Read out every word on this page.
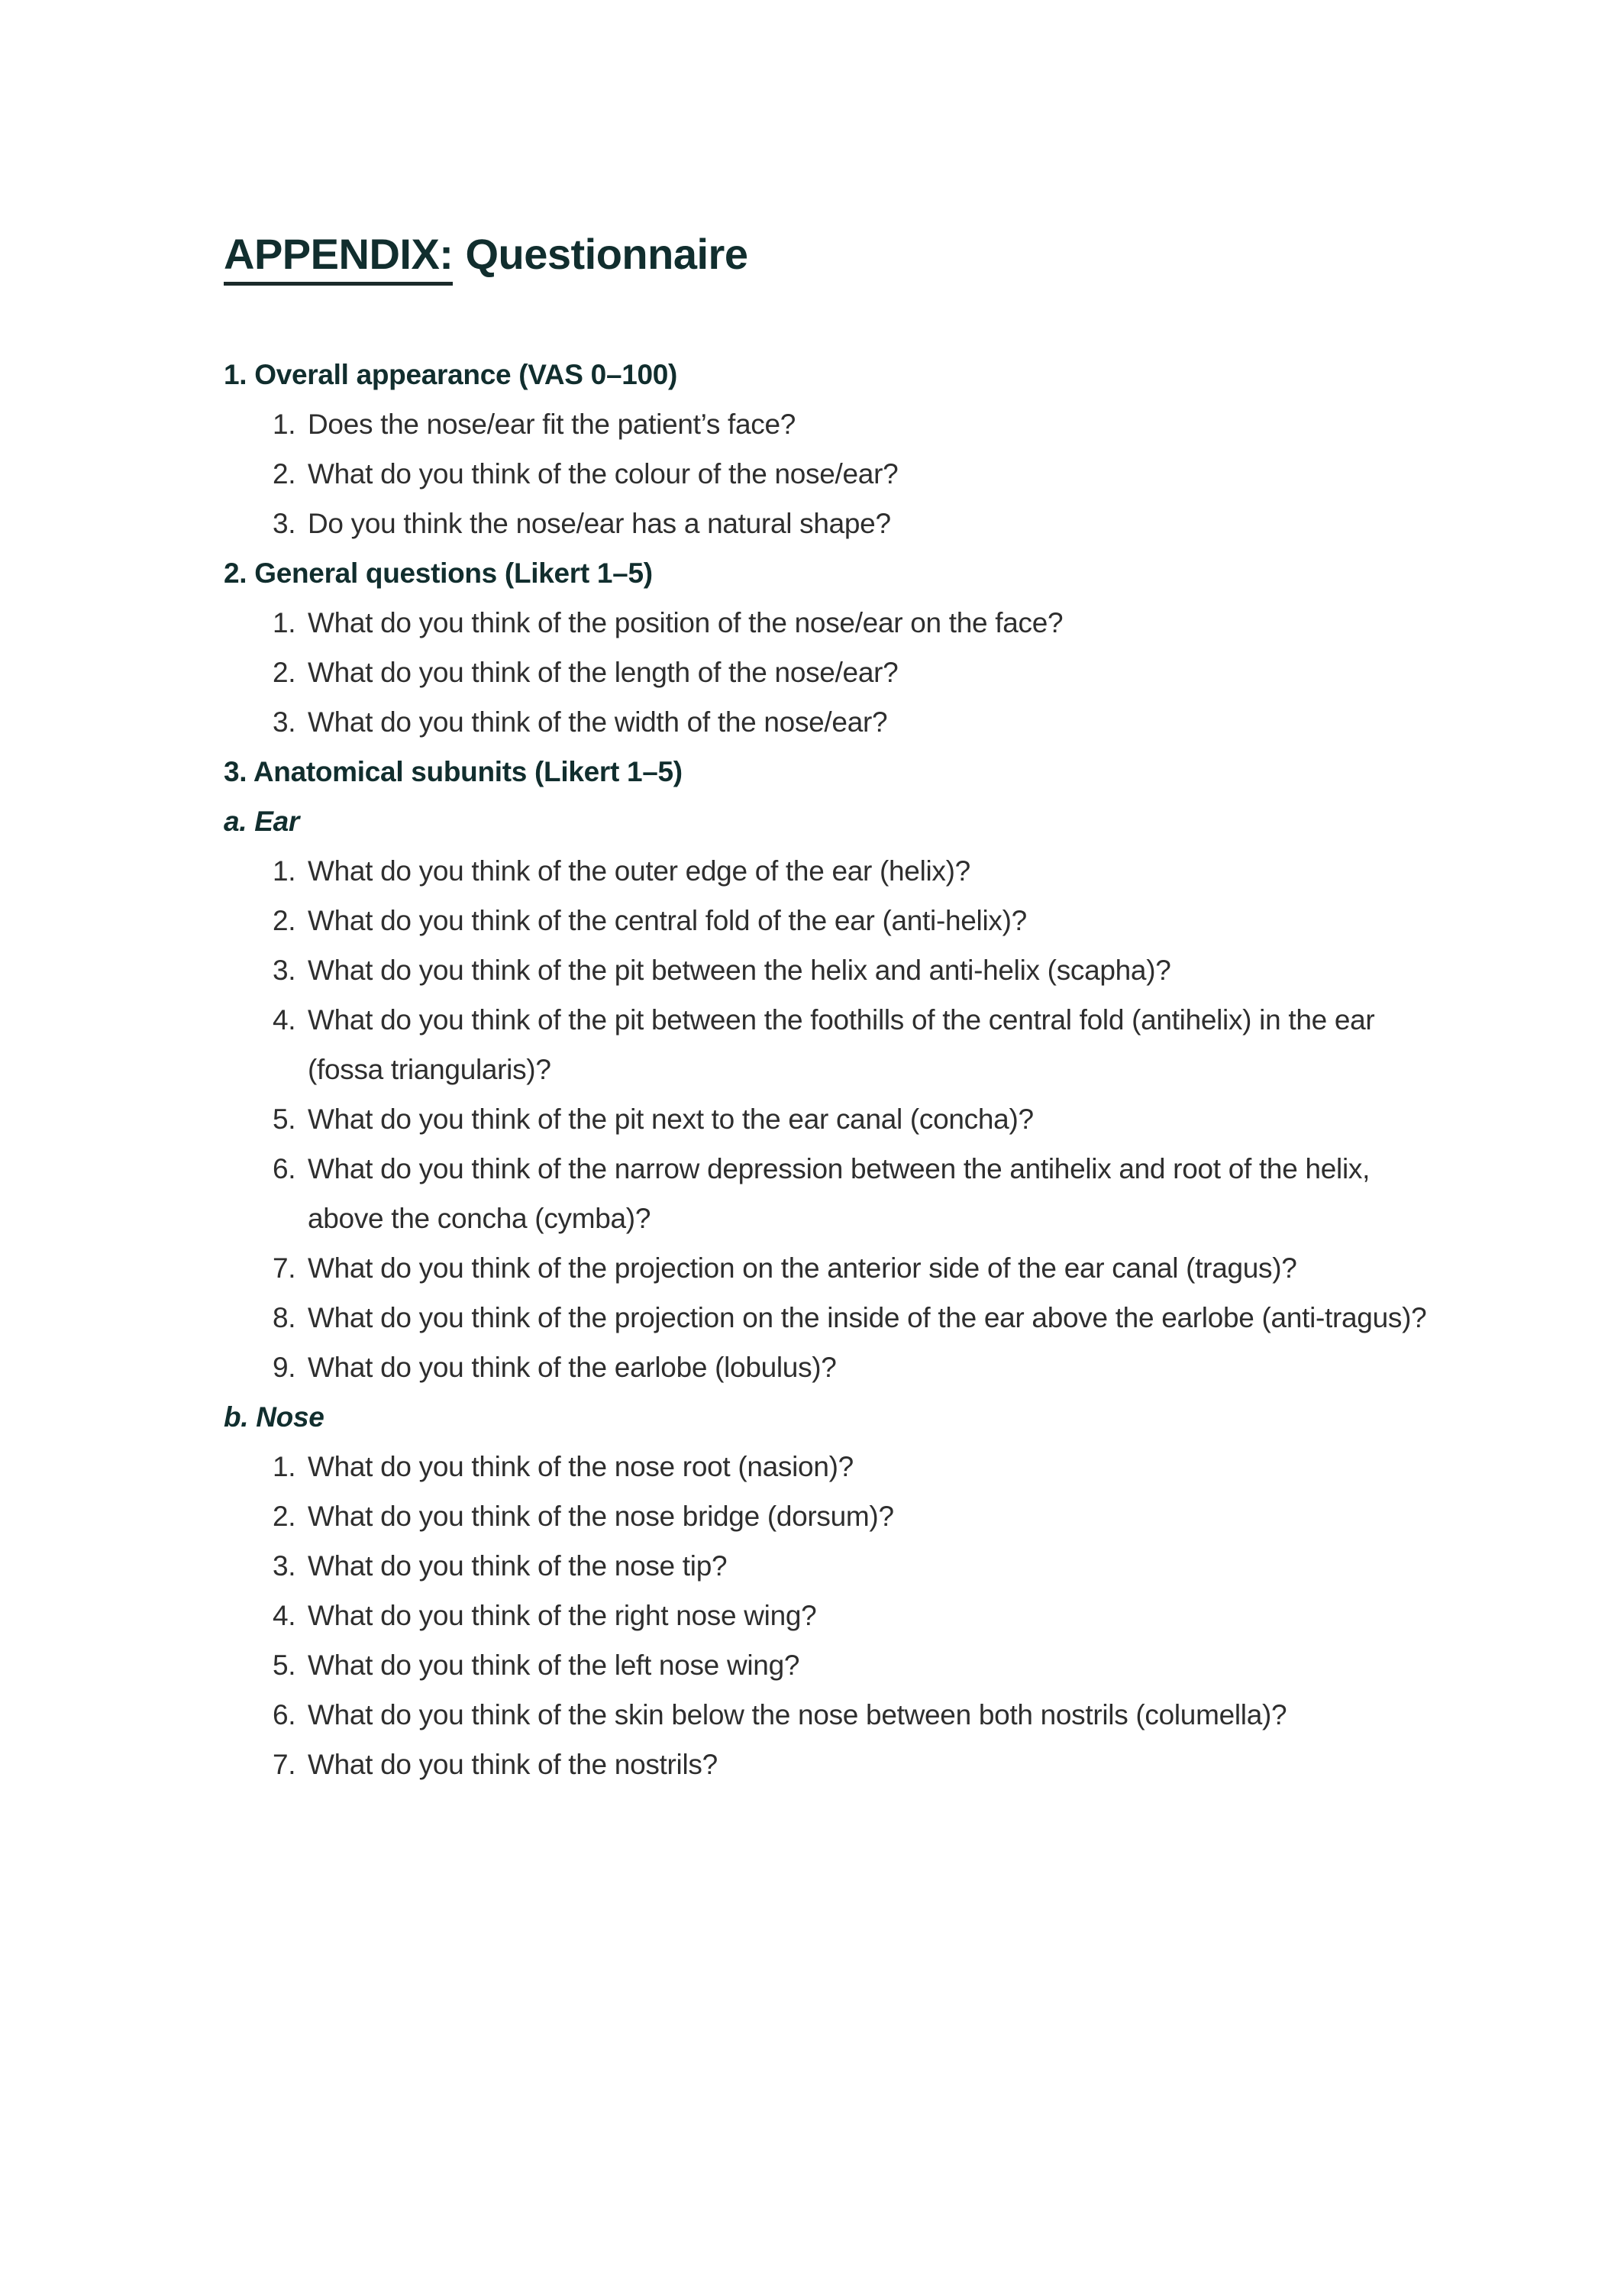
APPENDIX: Questionnaire
1. Overall appearance (VAS 0–100)
1. Does the nose/ear fit the patient’s face?
2. What do you think of the colour of the nose/ear?
3. Do you think the nose/ear has a natural shape?
2. General questions (Likert 1–5)
1. What do you think of the position of the nose/ear on the face?
2. What do you think of the length of the nose/ear?
3. What do you think of the width of the nose/ear?
3. Anatomical subunits (Likert 1–5)
a. Ear
1. What do you think of the outer edge of the ear (helix)?
2. What do you think of the central fold of the ear (anti-helix)?
3. What do you think of the pit between the helix and anti-helix (scapha)?
4. What do you think of the pit between the foothills of the central fold (antihelix) in the ear (fossa triangularis)?
5. What do you think of the pit next to the ear canal (concha)?
6. What do you think of the narrow depression between the antihelix and root of the helix, above the concha (cymba)?
7. What do you think of the projection on the anterior side of the ear canal (tragus)?
8. What do you think of the projection on the inside of the ear above the earlobe (anti-tragus)?
9. What do you think of the earlobe (lobulus)?
b. Nose
1. What do you think of the nose root (nasion)?
2. What do you think of the nose bridge (dorsum)?
3. What do you think of the nose tip?
4. What do you think of the right nose wing?
5. What do you think of the left nose wing?
6. What do you think of the skin below the nose between both nostrils (columella)?
7. What do you think of the nostrils?
